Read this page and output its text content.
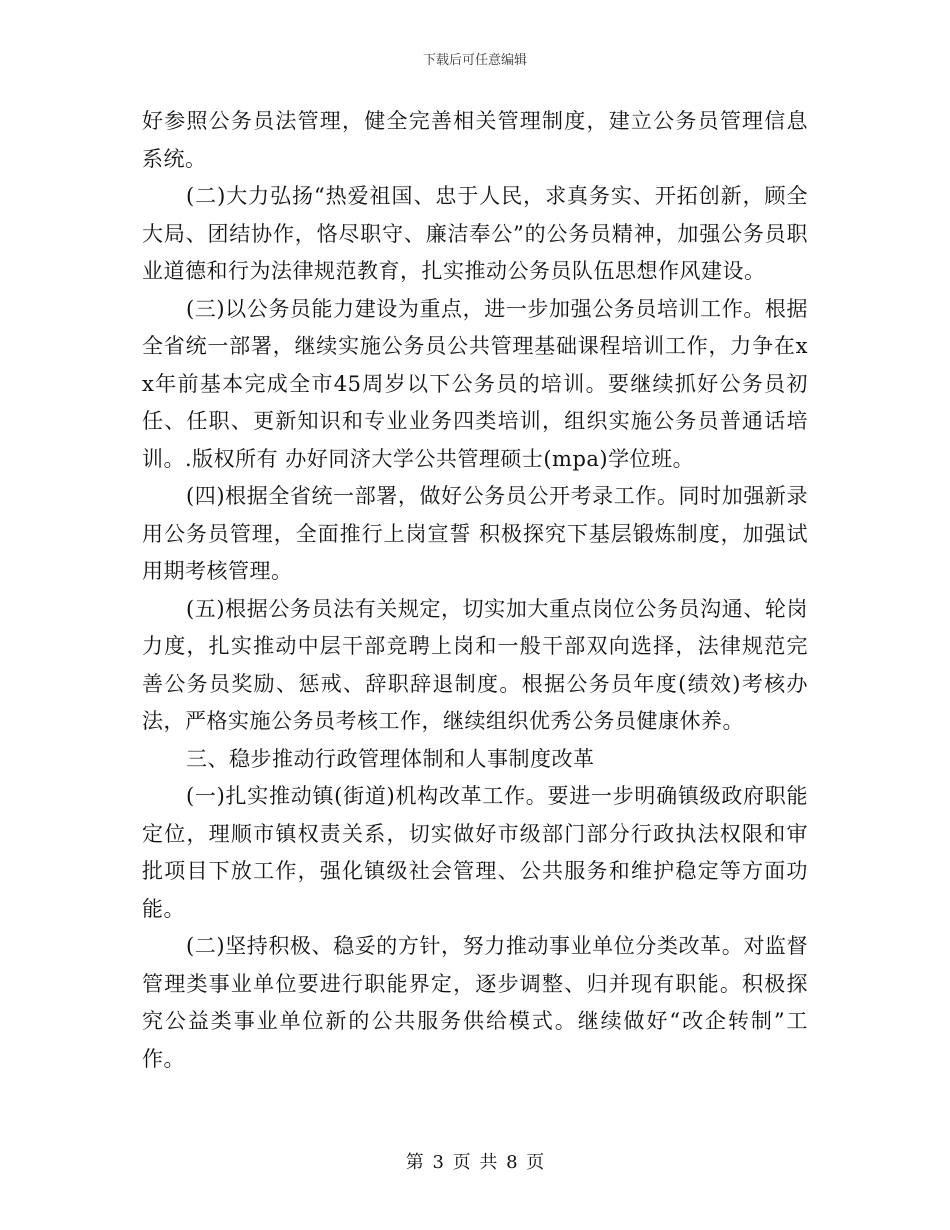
下载后可任意编辑

好参照公务员法管理，健全完善相关管理制度，建立公务员管理信息系统。

(二)大力弘扬“热爱祖国、忠于人民，求真务实、开拓创新，顾全大局、团结协作，恪尽职守、廉洁奉公”的公务员精神，加强公务员职业道德和行为法律规范教育，扎实推动公务员队伍思想作风建设。

(三)以公务员能力建设为重点，进一步加强公务员培训工作。根据全省统一部署，继续实施公务员公共管理基础课程培训工作，力争在xx年前基本完成全市45周岁以下公务员的培训。要继续抓好公务员初任、任职、更新知识和专业业务四类培训，组织实施公务员普通话培训。.版权所有 办好同济大学公共管理硕士(mpa)学位班。

(四)根据全省统一部署，做好公务员公开考录工作。同时加强新录用公务员管理，全面推行上岗宣誓 积极探究下基层锻炼制度，加强试用期考核管理。

(五)根据公务员法有关规定，切实加大重点岗位公务员沟通、轮岗力度，扎实推动中层干部竞聘上岗和一般干部双向选择，法律规范完善公务员奖励、惩戒、辞职辞退制度。根据公务员年度(绩效)考核办法，严格实施公务员考核工作，继续组织优秀公务员健康休养。

三、稳步推动行政管理体制和人事制度改革

(一)扎实推动镇(街道)机构改革工作。要进一步明确镇级政府职能定位，理顺市镇权责关系，切实做好市级部门部分行政执法权限和审批项目下放工作，强化镇级社会管理、公共服务和维护稳定等方面功能。

(二)坚持积极、稳妥的方针，努力推动事业单位分类改革。对监督管理类事业单位要进行职能界定，逐步调整、归并现有职能。积极探究公益类事业单位新的公共服务供给模式。继续做好“改企转制”工作。

第 3 页 共 8 页
